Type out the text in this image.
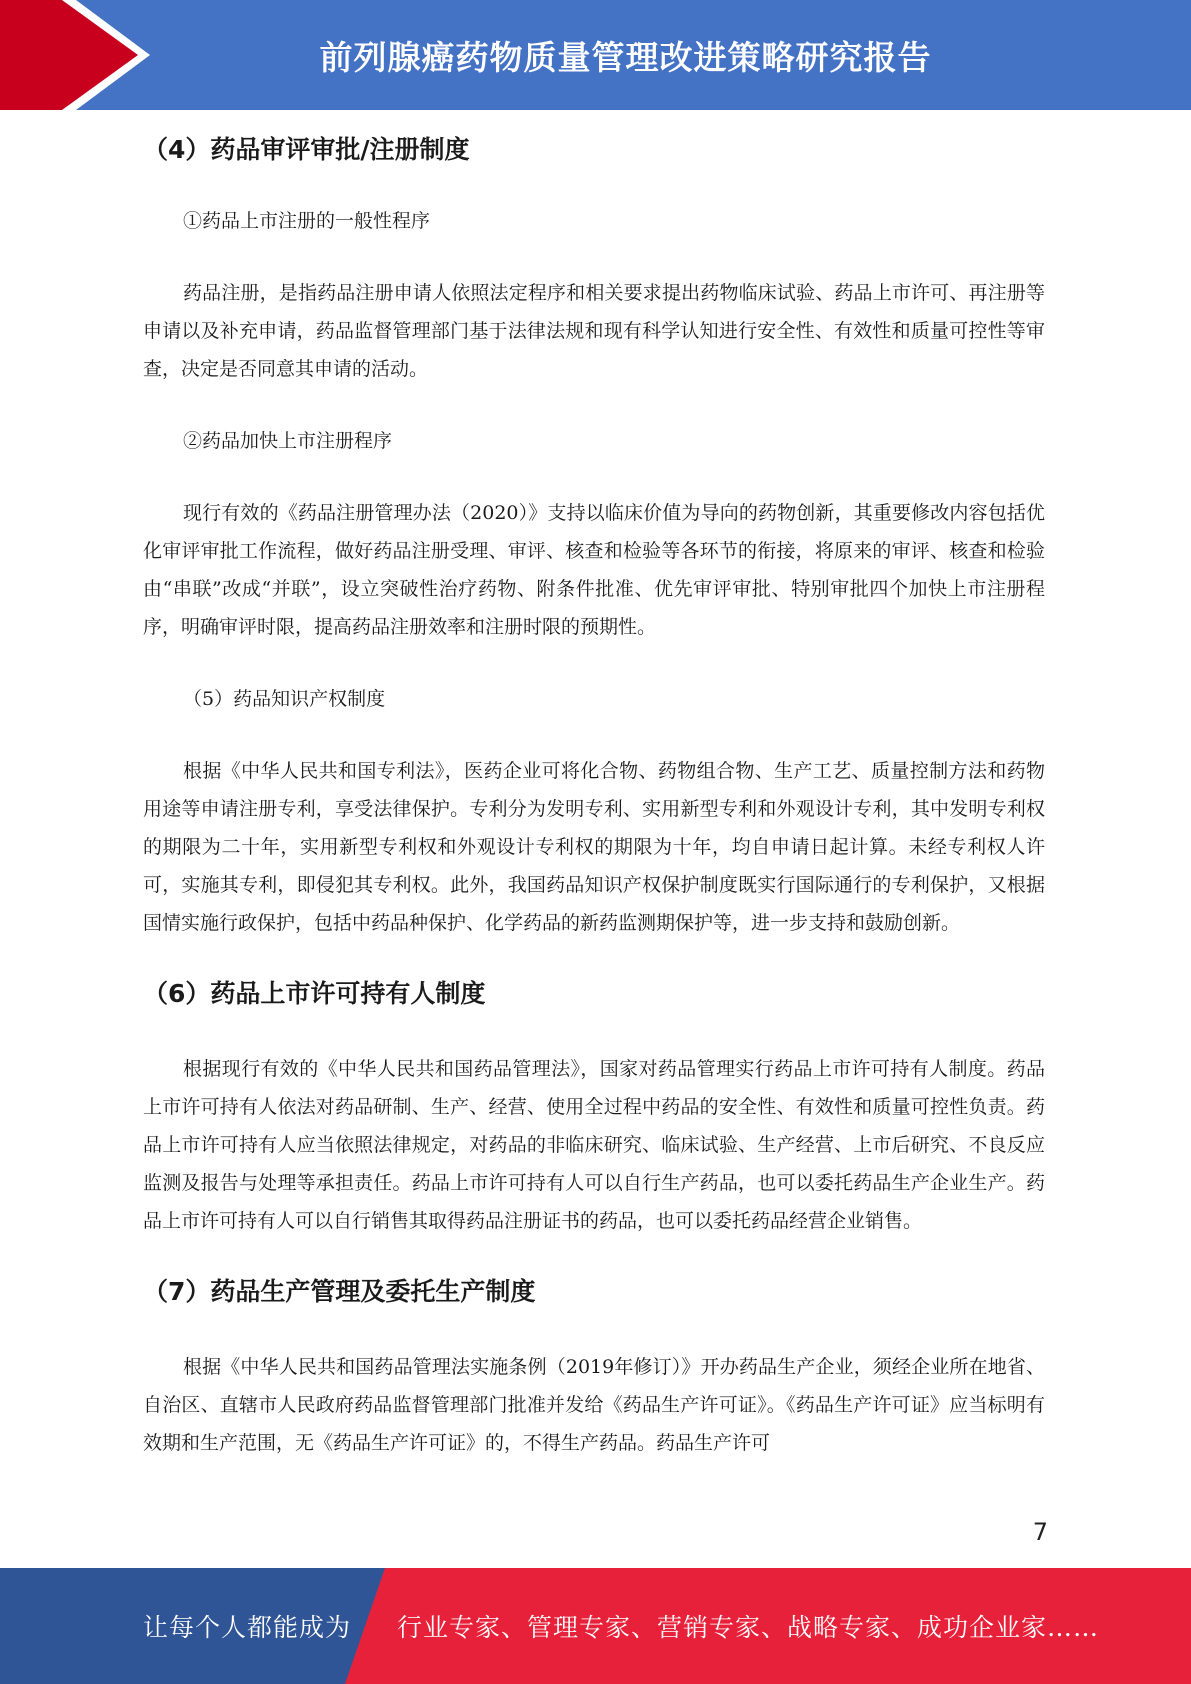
前列腺癌药物质量管理改进策略研究报告
（4）药品审评审批/注册制度

①药品上市注册的一般性程序

药品注册，是指药品注册申请人依照法定程序和相关要求提出药物临床试验、药品上市许可、再注册等申请以及补充申请，药品监督管理部门基于法律法规和现有科学认知进行安全性、有效性和质量可控性等审查，决定是否同意其申请的活动。

②药品加快上市注册程序

现行有效的《药品注册管理办法（2020）》支持以临床价值为导向的药物创新，其重要修改内容包括优化审评审批工作流程，做好药品注册受理、审评、核查和检验等各环节的衔接，将原来的审评、核查和检验由“串联”改成“并联”，设立突破性治疗药物、附条件批准、优先审评审批、特别审批四个加快上市注册程序，明确审评时限，提高药品注册效率和注册时限的预期性。

（5）药品知识产权制度

根据《中华人民共和国专利法》，医药企业可将化合物、药物组合物、生产工艺、质量控制方法和药物用途等申请注册专利，享受法律保护。专利分为发明专利、实用新型专利和外观设计专利，其中发明专利权的期限为二十年，实用新型专利权和外观设计专利权的期限为十年，均自申请日起计算。未经专利权人许可，实施其专利，即侵犯其专利权。此外，我国药品知识产权保护制度既实行国际通行的专利保护，又根据国情实施行政保护，包括中药品种保护、化学药品的新药监测期保护等，进一步支持和鼓励创新。

（6）药品上市许可持有人制度

根据现行有效的《中华人民共和国药品管理法》，国家对药品管理实行药品上市许可持有人制度。药品上市许可持有人依法对药品研制、生产、经营、使用全过程中药品的安全性、有效性和质量可控性负责。药品上市许可持有人应当依照法律规定，对药品的非临床研究、临床试验、生产经营、上市后研究、不良反应监测及报告与处理等承担责任。药品上市许可持有人可以自行生产药品，也可以委托药品生产企业生产。药品上市许可持有人可以自行销售其取得药品注册证书的药品，也可以委托药品经营企业销售。

（7）药品生产管理及委托生产制度

根据《中华人民共和国药品管理法实施条例（2019年修订）》开办药品生产企业，须经企业所在地省、自治区、直辖市人民政府药品监督管理部门批准并发给《药品生产许可证》。《药品生产许可证》应当标明有效期和生产范围，无《药品生产许可证》的，不得生产药品。药品生产许可

7
让每个人都能成为 行业专家、管理专家、营销专家、战略专家、成功企业家……
